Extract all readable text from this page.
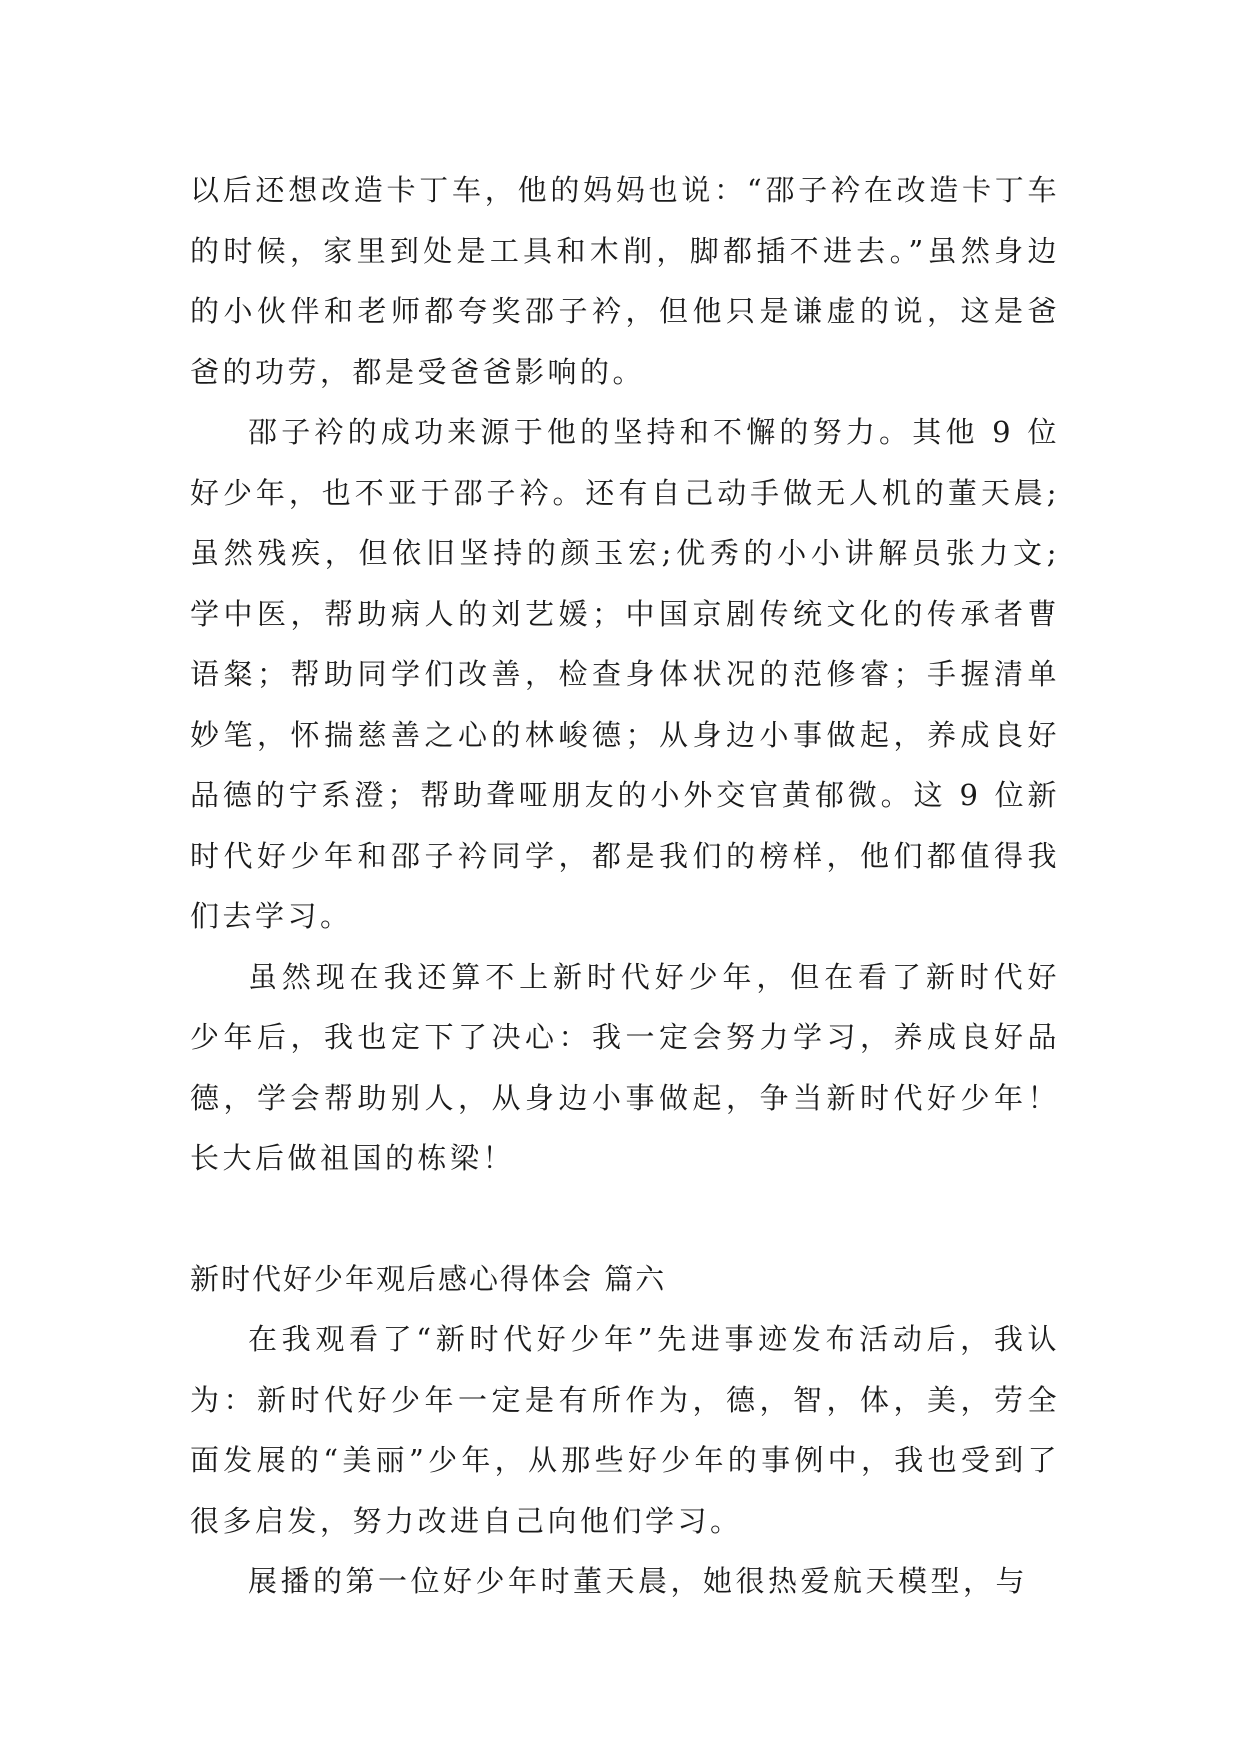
以后还想改造卡丁车，他的妈妈也说：“邵子衿在改造卡丁车的时候，家里到处是工具和木削，脚都插不进去。”虽然身边的小伙伴和老师都夸奖邵子衿，但他只是谦虚的说，这是爸爸的功劳，都是受爸爸影响的。

邵子衿的成功来源于他的坚持和不懈的努力。其他 9 位好少年，也不亚于邵子衿。还有自己动手做无人机的董天晨;虽然残疾，但依旧坚持的颜玉宏;优秀的小小讲解员张力文;学中医，帮助病人的刘艺媛；中国京剧传统文化的传承者曹语粲；帮助同学们改善，检查身体状况的范修睿；手握清单妙笔，怀揣慈善之心的林峻德；从身边小事做起，养成良好品德的宁系澄；帮助聋哑朋友的小外交官黄郁微。这 9 位新时代好少年和邵子衿同学，都是我们的榜样，他们都值得我们去学习。

虽然现在我还算不上新时代好少年，但在看了新时代好少年后，我也定下了决心：我一定会努力学习，养成良好品德，学会帮助别人，从身边小事做起，争当新时代好少年！长大后做祖国的栋梁！

新时代好少年观后感心得体会 篇六

在我观看了“新时代好少年”先进事迹发布活动后，我认为：新时代好少年一定是有所作为，德，智，体，美，劳全面发展的“美丽”少年，从那些好少年的事例中，我也受到了很多启发，努力改进自己向他们学习。

展播的第一位好少年时董天晨，她很热爱航天模型，与
